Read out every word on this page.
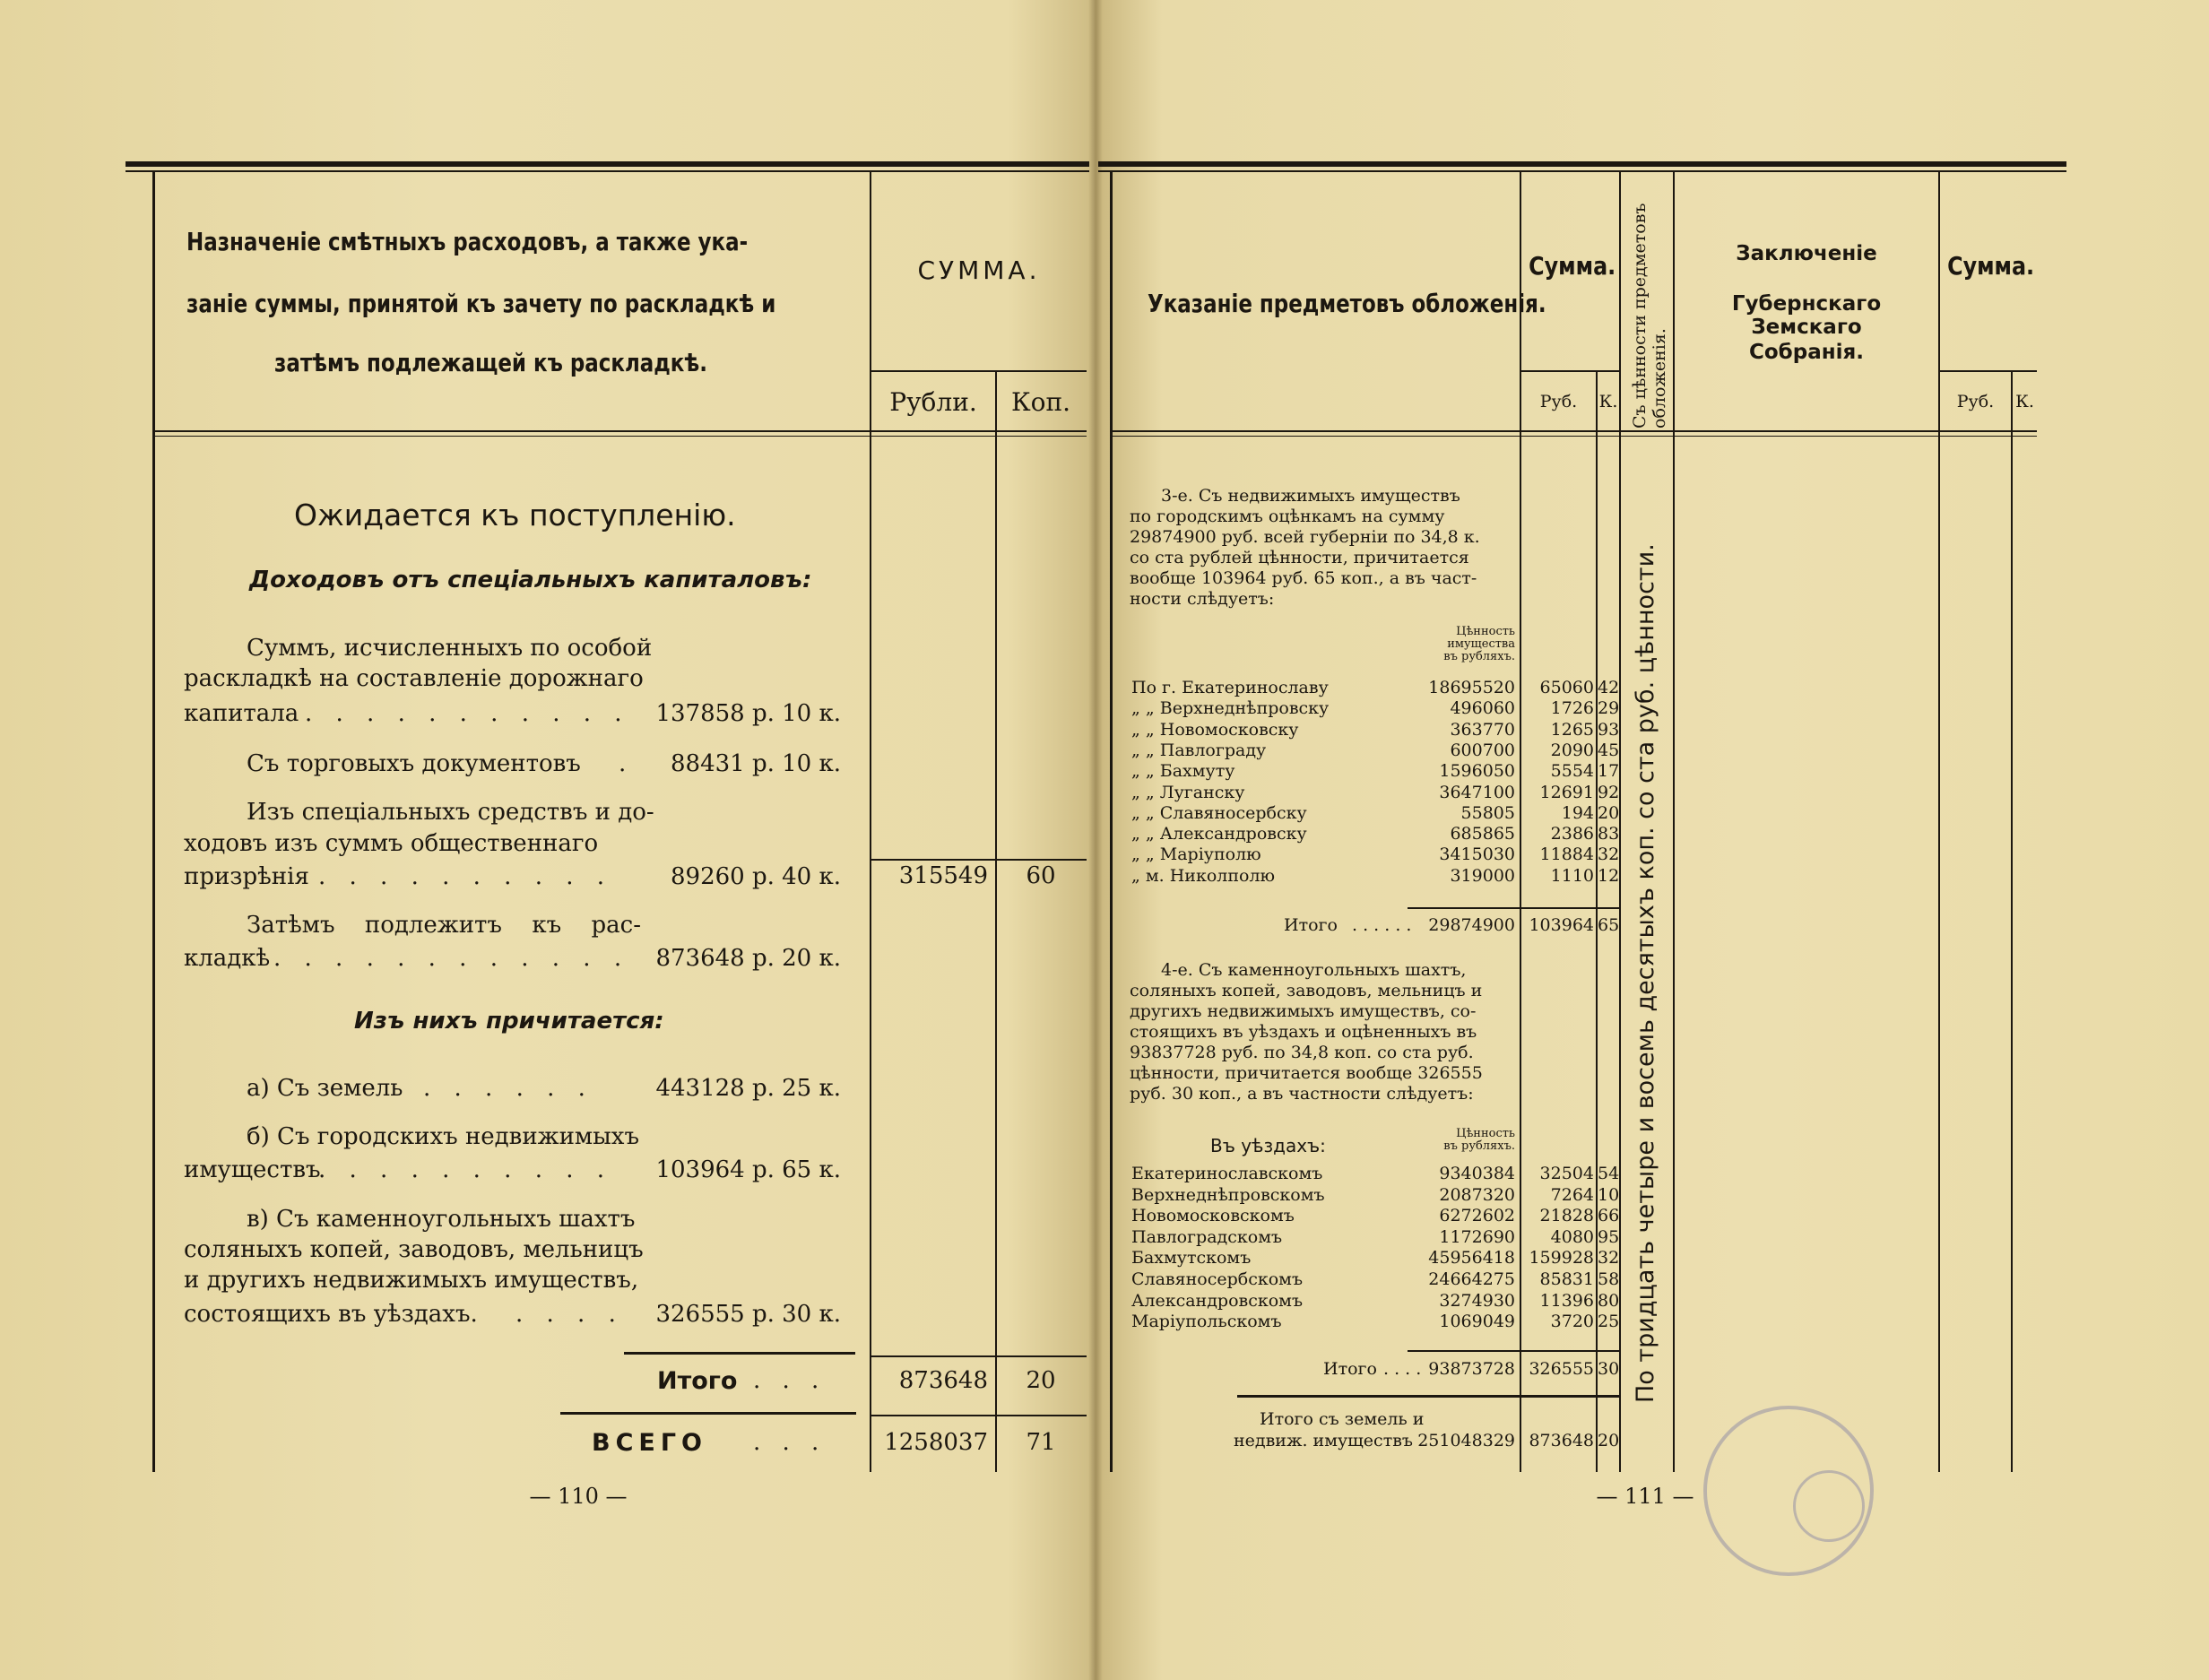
Назначеніе смѣтныхъ расходовъ, а также ука-
заніе суммы, принятой къ зачету по раскладкѣ и
затѣмъ подлежащей къ раскладкѣ.
СУММА.
Рубли.	Коп.
Ожидается къ поступленію.
Доходовъ отъ спеціальныхъ капиталовъ:
Суммъ, исчисленныхъ по особой
раскладкѣ на составленіе дорожнаго
капитала . . . . . . . . . . .	137858 р. 10 к.
Съ торговыхъ документовъ .	88431 р. 10 к.
Изъ спеціальныхъ средствъ и до-
ходовъ изъ суммъ общественнаго
призрѣнія . . . . . . . . . .	89260 р. 40 к.	315549	60
Затѣмъ подлежитъ къ рас-
кладкѣ . . . . . . . . . . . .	873648 р. 20 к.
Изъ нихъ причитается:
а) Съ земель . . . . . .	443128 р. 25 к.
б) Съ городскихъ недвижимыхъ
имуществъ
. . . . . . . . . .	103964 р. 65 к.
в) Съ каменноугольныхъ шахтъ
соляныхъ копей, заводовъ, мельницъ
и другихъ недвижимыхъ имуществъ,
состоящихъ въ уѣздахъ. . . . .	326555 р. 30 к.
Итого . . .	873648	20
ВСЕГО . . .	1258037	71
— 110 —
Указаніе предметовъ обложенія.
Сумма.
Руб.	К. Съ цѣнности предметовъ обложенія.
Заключеніе
Губернскаго Земскаго
Собранія.
Сумма.
Руб.	К.
По тридцать четыре и восемь десятыхъ коп. со ста руб. цѣнности.
3-е. Съ недвижимыхъ имуществъ
по городскимъ оцѣнкамъ на сумму
29874900 руб. всей губерніи по 34,8 к.
со ста рублей цѣнности, причитается
вообще 103964 руб. 65 коп., а въ част-
ности слѣдуетъ:
Цѣнность
имущества
въ рубляхъ.
По г. Екатеринославу	18695520	65060 42
„ „ Верхнеднѣпровску	496060	1726 29
„ „ Новомосковску	363770	1265 93
„ „ Павлограду	600700	2090 45
„ „ Бахмуту	1596050	5554 17
„ „ Луганску	3647100	12691 92
„ „ Славяносербску	55805	194 20
„ „ Александровску	685865	2386 83
„ „ Маріуполю	3415030	11884 32
„ м. Николполю	319000	1110 12
Итого . . . . . . 29874900 103964 65
4-е. Съ каменноугольныхъ шахтъ,
соляныхъ копей, заводовъ, мельницъ и
другихъ недвижимыхъ имуществъ, со-
стоящихъ въ уѣздахъ и оцѣненныхъ въ
93837728 руб. по 34,8 коп. со ста руб.
цѣнности, причитается вообще 326555
руб. 30 коп., а въ частности слѣдуетъ:
Въ уѣздахъ:
Цѣнность
въ рубляхъ.
Екатеринославскомъ	9340384	32504 54
Верхнеднѣпровскомъ	2087320	7264 10
Новомосковскомъ	6272602	21828 66
Павлоградскомъ	1172690	4080 95
Бахмутскомъ	45956418 159928 32
Славяносербскомъ	24664275	85831 58
Александровскомъ	3274930	11396 80
Маріупольскомъ	1069049	3720 25
Итого . . . . 93873728 326555 30
Итого съ земель и
недвиж. имуществъ 251048329 873648 20
— 111 —
